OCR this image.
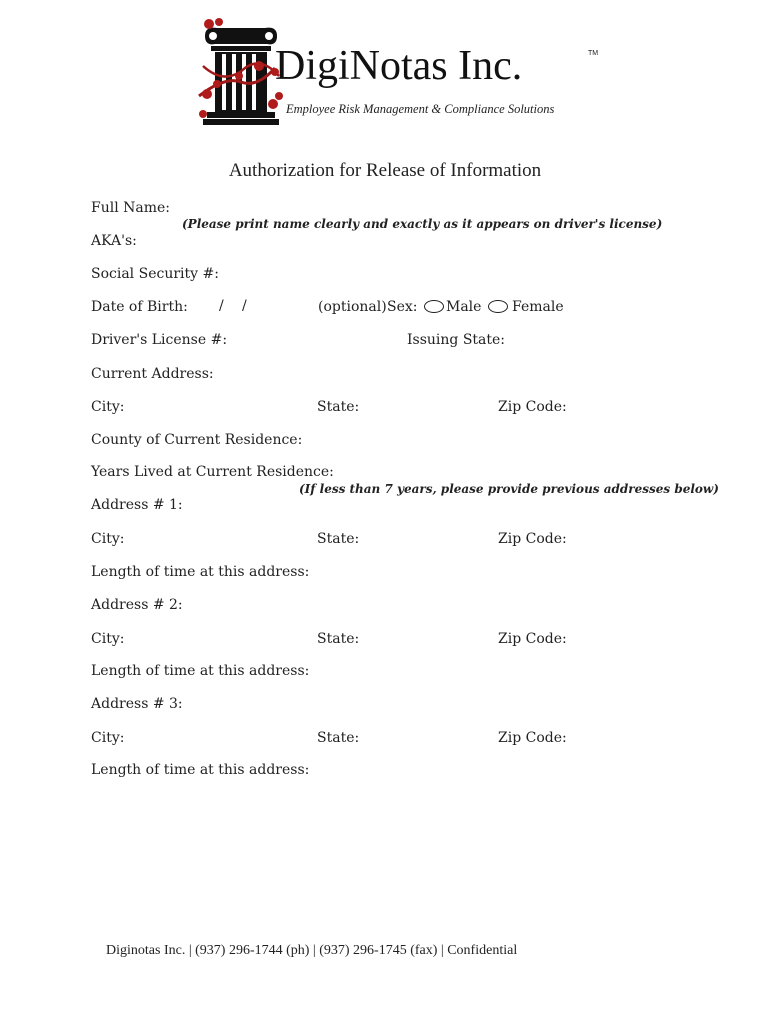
DigiNotas Inc.	TM
Employee Risk Management & Compliance Solutions
Authorization for Release of Information
Full Name:
(Please print name clearly and exactly as it appears on driver's license)
AKA's:
Social Security #:
Date of Birth: / /	(optional) Sex: Male Female
Driver's License #:	Issuing State:
Current Address:
City:	State:	Zip Code:
County of Current Residence:
Years Lived at Current Residence:
(If less than 7 years, please provide previous addresses below)
Address # 1:
City:	State:	Zip Code:
Length of time at this address:
Address # 2:
City:	State:	Zip Code:
Length of time at this address:
Address # 3:
City:	State:	Zip Code:
Length of time at this address:
Diginotas Inc. | (937) 296-1744 (ph) | (937) 296-1745 (fax) | Confidential
